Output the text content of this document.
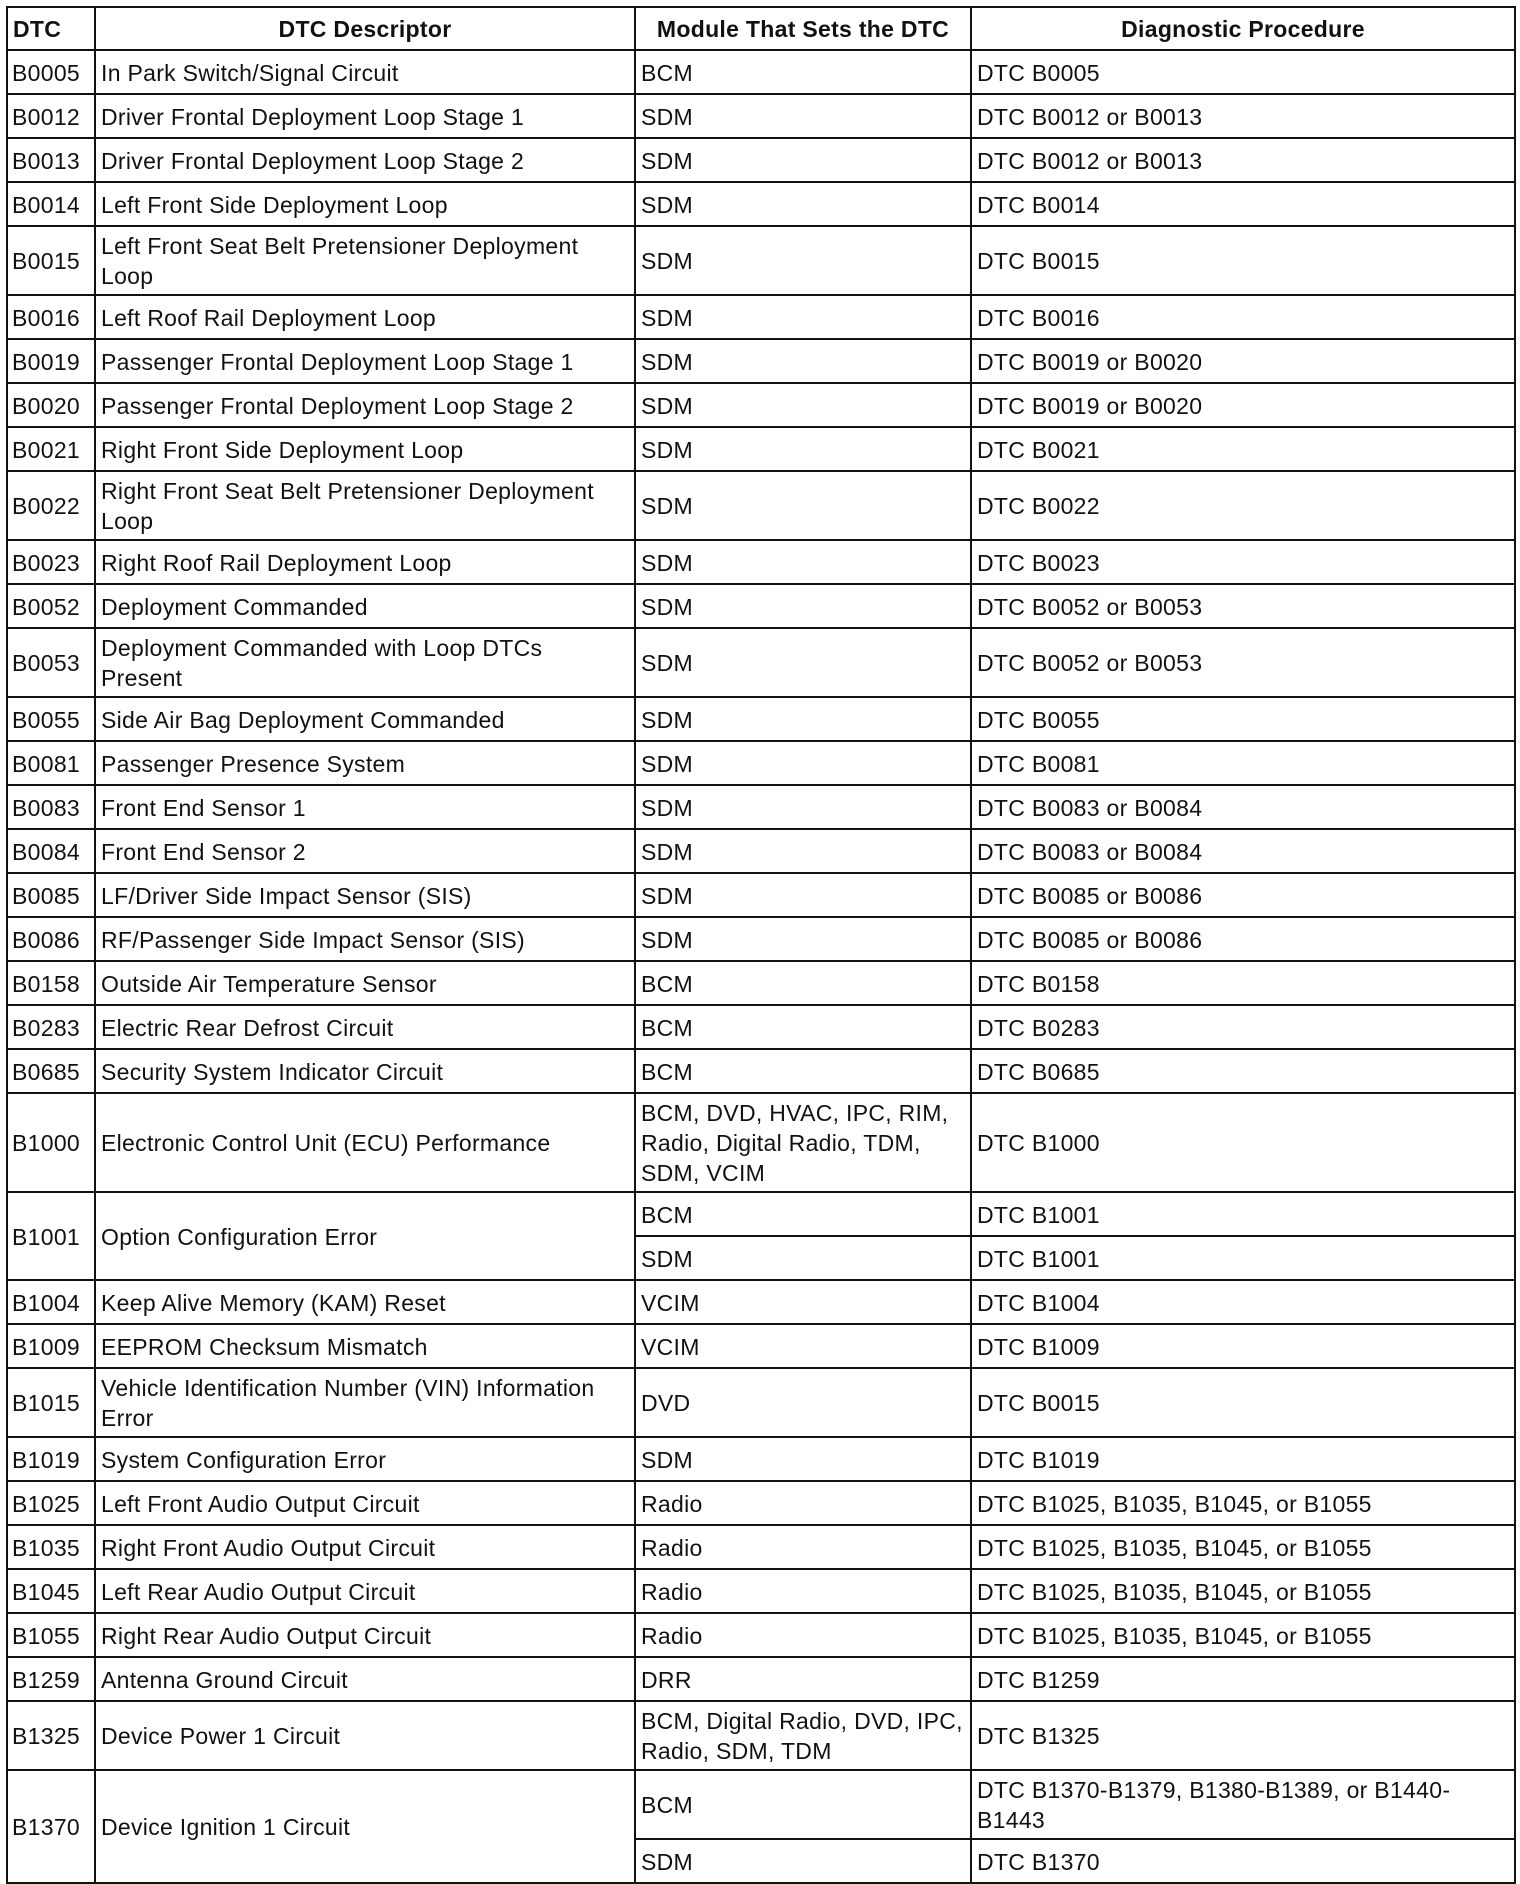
DTC	DTC Descriptor	Module That Sets the DTC	Diagnostic Procedure
B0005	In Park Switch/Signal Circuit	BCM	DTC B0005
B0012	Driver Frontal Deployment Loop Stage 1	SDM	DTC B0012 or B0013
B0013	Driver Frontal Deployment Loop Stage 2	SDM	DTC B0012 or B0013
B0014	Left Front Side Deployment Loop	SDM	DTC B0014
B0015	Left Front Seat Belt Pretensioner Deployment Loop	SDM	DTC B0015
B0016	Left Roof Rail Deployment Loop	SDM	DTC B0016
B0019	Passenger Frontal Deployment Loop Stage 1	SDM	DTC B0019 or B0020
B0020	Passenger Frontal Deployment Loop Stage 2	SDM	DTC B0019 or B0020
B0021	Right Front Side Deployment Loop	SDM	DTC B0021
B0022	Right Front Seat Belt Pretensioner Deployment Loop	SDM	DTC B0022
B0023	Right Roof Rail Deployment Loop	SDM	DTC B0023
B0052	Deployment Commanded	SDM	DTC B0052 or B0053
B0053	Deployment Commanded with Loop DTCs Present	SDM	DTC B0052 or B0053
B0055	Side Air Bag Deployment Commanded	SDM	DTC B0055
B0081	Passenger Presence System	SDM	DTC B0081
B0083	Front End Sensor 1	SDM	DTC B0083 or B0084
B0084	Front End Sensor 2	SDM	DTC B0083 or B0084
B0085	LF/Driver Side Impact Sensor (SIS)	SDM	DTC B0085 or B0086
B0086	RF/Passenger Side Impact Sensor (SIS)	SDM	DTC B0085 or B0086
B0158	Outside Air Temperature Sensor	BCM	DTC B0158
B0283	Electric Rear Defrost Circuit	BCM	DTC B0283
B0685	Security System Indicator Circuit	BCM	DTC B0685
B1000	Electronic Control Unit (ECU) Performance	BCM, DVD, HVAC, IPC, RIM, Radio, Digital Radio, TDM, SDM, VCIM	DTC B1000
B1001	Option Configuration Error	BCM	DTC B1001
		SDM	DTC B1001
B1004	Keep Alive Memory (KAM) Reset	VCIM	DTC B1004
B1009	EEPROM Checksum Mismatch	VCIM	DTC B1009
B1015	Vehicle Identification Number (VIN) Information Error	DVD	DTC B0015
B1019	System Configuration Error	SDM	DTC B1019
B1025	Left Front Audio Output Circuit	Radio	DTC B1025, B1035, B1045, or B1055
B1035	Right Front Audio Output Circuit	Radio	DTC B1025, B1035, B1045, or B1055
B1045	Left Rear Audio Output Circuit	Radio	DTC B1025, B1035, B1045, or B1055
B1055	Right Rear Audio Output Circuit	Radio	DTC B1025, B1035, B1045, or B1055
B1259	Antenna Ground Circuit	DRR	DTC B1259
B1325	Device Power 1 Circuit	BCM, Digital Radio, DVD, IPC, Radio, SDM, TDM	DTC B1325
B1370	Device Ignition 1 Circuit	BCM	DTC B1370-B1379, B1380-B1389, or B1440-B1443
		SDM	DTC B1370
